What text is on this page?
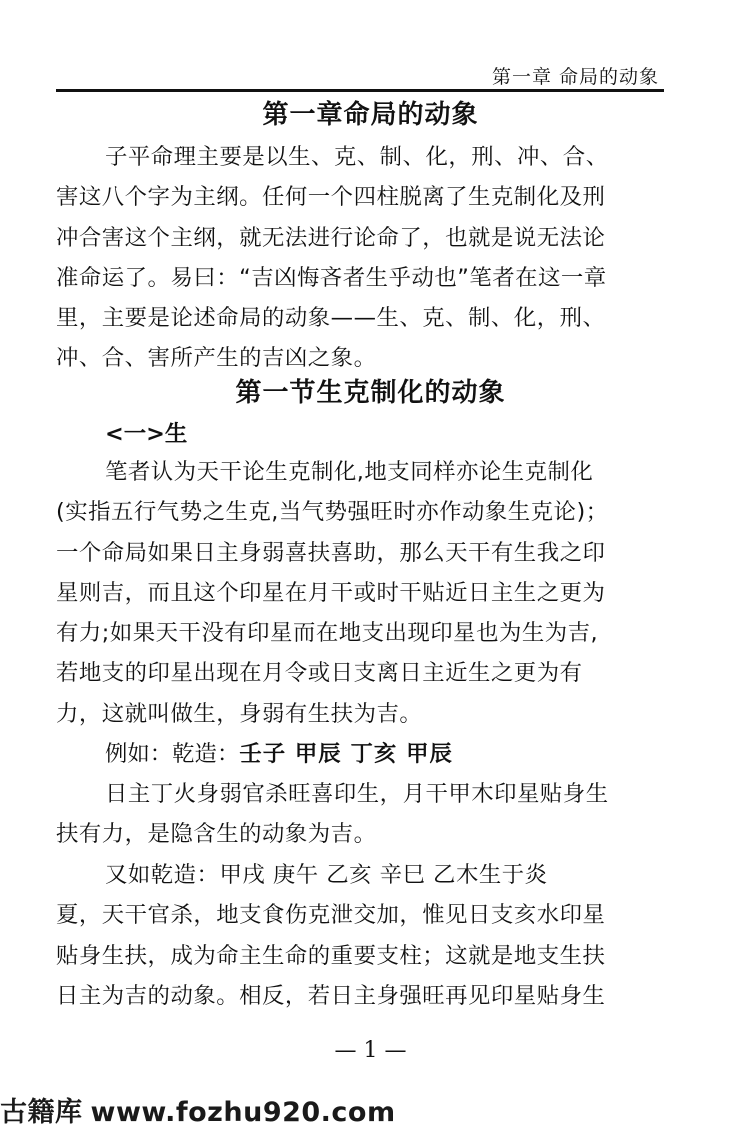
第一章 命局的动象
第一章命局的动象
子平命理主要是以生、克、制、化，刑、冲、合、
害这八个字为主纲。任何一个四柱脱离了生克制化及刑
冲合害这个主纲，就无法进行论命了，也就是说无法论
准命运了。易曰：“吉凶悔吝者生乎动也”笔者在这一章
里，主要是论述命局的动象——生、克、制、化，刑、
冲、合、害所产生的吉凶之象。
第一节生克制化的动象
<一>生
笔者认为天干论生克制化,地支同样亦论生克制化
(实指五行气势之生克,当气势强旺时亦作动象生克论)；
一个命局如果日主身弱喜扶喜助，那么天干有生我之印
星则吉，而且这个印星在月干或时干贴近日主生之更为
有力;如果天干没有印星而在地支出现印星也为生为吉,
若地支的印星出现在月令或日支离日主近生之更为有
力，这就叫做生，身弱有生扶为吉。

例如：乾造：壬子 甲辰 丁亥 甲辰

日主丁火身弱官杀旺喜印生，月干甲木印星贴身生
扶有力，是隐含生的动象为吉。
又如乾造：甲戌 庚午 乙亥 辛巳 乙木生于炎
夏，天干官杀，地支食伤克泄交加，惟见日支亥水印星
贴身生扶，成为命主生命的重要支柱；这就是地支生扶
日主为吉的动象。相反，若日主身强旺再见印星贴身生
— 1 —
古籍库 www.fozhu920.com
